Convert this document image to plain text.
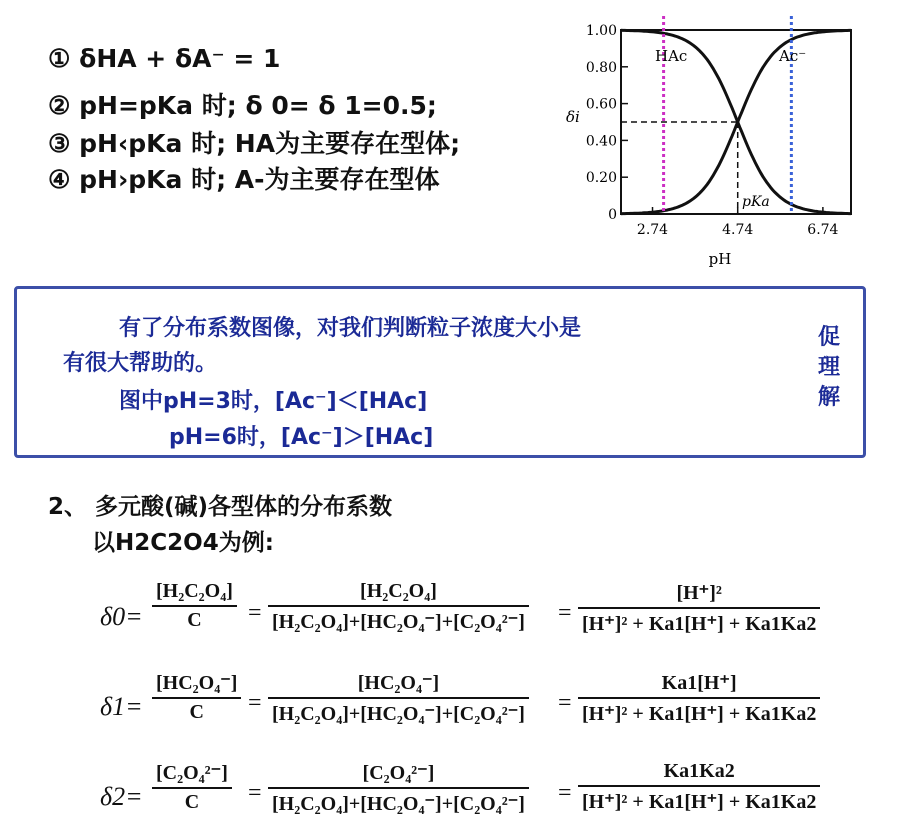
① δHA + δA⁻ = 1
② pH=pKa 时; δ 0= δ 1=0.5;
③ pH‹pKa 时; HA为主要存在型体;
④ pH›pKa 时; A-为主要存在型体
0
0.20
0.40
0.60
0.80
1.00
2.74	4.74	6.74
HAc	Ac⁻
pKa
pH
δi
有了分布系数图像，对我们判断粒子浓度大小是
有很大帮助的。
图中pH=3时，[Ac⁻]＜[HAc]
pH=6时，[Ac⁻]＞[HAc]
促
理
解
2、 多元酸(碱)各型体的分布系数
以H2C2O4为例:
$\delta 0= \frac{\text{[H₂C₂O₄]}}{C} = \frac{\text{[H₂C₂O₄]}}{\text{[H₂C₂O₄]+[HC₂O₄⁻]+[C₂O₄²⁻]}} = \frac{\text{[H⁺]²}}{\text{[H⁺]² + Ka1[H⁺] + Ka1Ka2}}$
$\delta 1= \frac{\text{[HC₂O₄⁻]}}{C} = \frac{\text{[HC₂O₄⁻]}}{\text{[H₂C₂O₄]+[HC₂O₄⁻]+[C₂O₄²⁻]}} = \frac{Ka1[H^+]}{\text{[H⁺]² + Ka1[H⁺] + Ka1Ka2}}$
$\delta 2= \frac{\text{[C₂O₄²⁻]}}{C} = \frac{\text{[C₂O₄²⁻]}}{\text{[H₂C₂O₄]+[HC₂O₄⁻]+[C₂O₄²⁻]}} = \frac{Ka1Ka2}{\text{[H⁺]² + Ka1[H⁺] + Ka1Ka2}}$
